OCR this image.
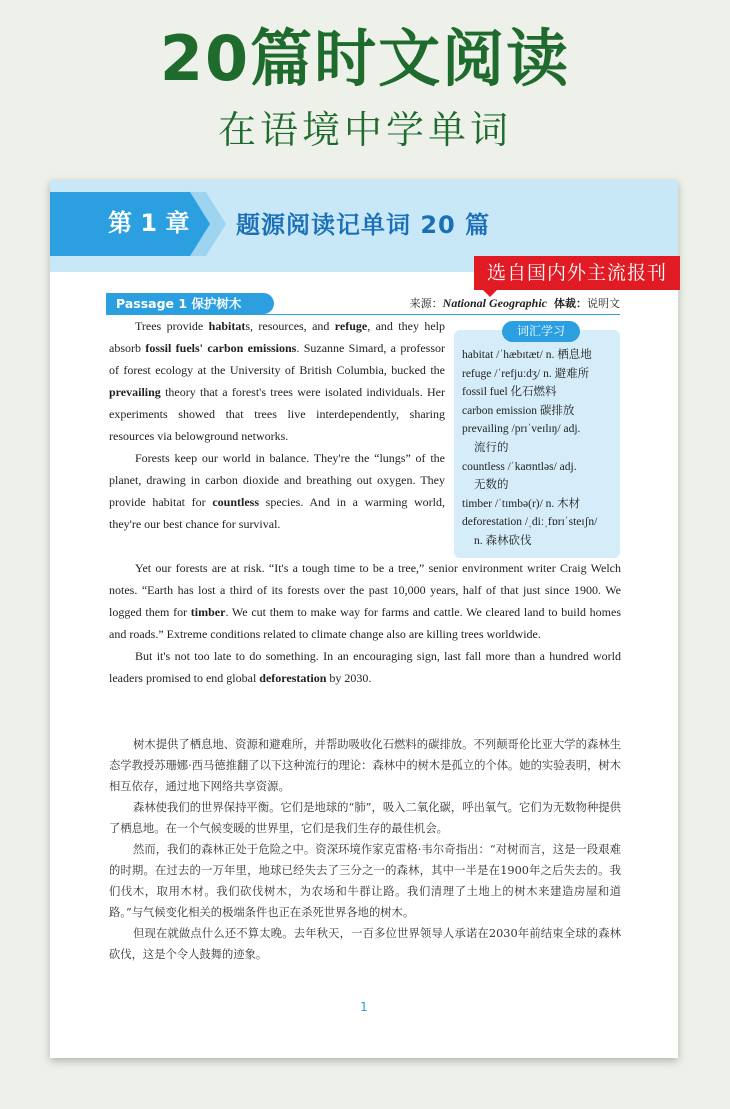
20篇时文阅读
在语境中学单词
第 1 章 题源阅读记单词 20 篇
选自国内外主流报刊
Passage 1 保护树木	来源：National Geographic 体裁：说明文

Trees provide habitats, resources, and refuge, and they help absorb fossil fuels' carbon emissions. Suzanne Simard, a professor of forest ecology at the University of British Columbia, bucked the prevailing theory that a forest's trees were isolated individuals. Her experiments showed that trees live interdependently, sharing resources via belowground networks.

Forests keep our world in balance. They're the “lungs” of the planet, drawing in carbon dioxide and breathing out oxygen. They provide habitat for countless species. And in a warming world, they're our best chance for survival.

Yet our forests are at risk. “It's a tough time to be a tree,” senior environment writer Craig Welch notes. “Earth has lost a third of its forests over the past 10,000 years, half of that just since 1900. We logged them for timber. We cut them to make way for farms and cattle. We cleared land to build homes and roads.” Extreme conditions related to climate change also are killing trees worldwide.

But it's not too late to do something. In an encouraging sign, last fall more than a hundred world leaders promised to end global deforestation by 2030.

词汇学习
habitat /ˈhæbɪtæt/ n. 栖息地
refuge /ˈrefjuːdʒ/ n. 避难所
fossil fuel 化石燃料
carbon emission 碳排放
prevailing /prɪˈveɪlɪŋ/ adj.
流行的
countless /ˈkaʊntləs/ adj.
无数的
timber /ˈtɪmbə(r)/ n. 木材
deforestation /ˌdiːˌfɒrɪˈsteɪʃn/
n. 森林砍伐

树木提供了栖息地、资源和避难所，并帮助吸收化石燃料的碳排放。不列颠哥伦比亚大学的森林生态学教授苏珊娜·西马德推翻了以下这种流行的理论：森林中的树木是孤立的个体。她的实验表明，树木相互依存，通过地下网络共享资源。

森林使我们的世界保持平衡。它们是地球的“肺”，吸入二氧化碳，呼出氧气。它们为无数物种提供了栖息地。在一个气候变暖的世界里，它们是我们生存的最佳机会。

然而，我们的森林正处于危险之中。资深环境作家克雷格·韦尔奇指出：“对树而言，这是一段艰难的时期。在过去的一万年里，地球已经失去了三分之一的森林，其中一半是在1900年之后失去的。我们伐木，取用木材。我们砍伐树木，为农场和牛群让路。我们清理了土地上的树木来建造房屋和道路。”与气候变化相关的极端条件也正在杀死世界各地的树木。

但现在就做点什么还不算太晚。去年秋天，一百多位世界领导人承诺在2030年前结束全球的森林砍伐，这是个令人鼓舞的迹象。

1
